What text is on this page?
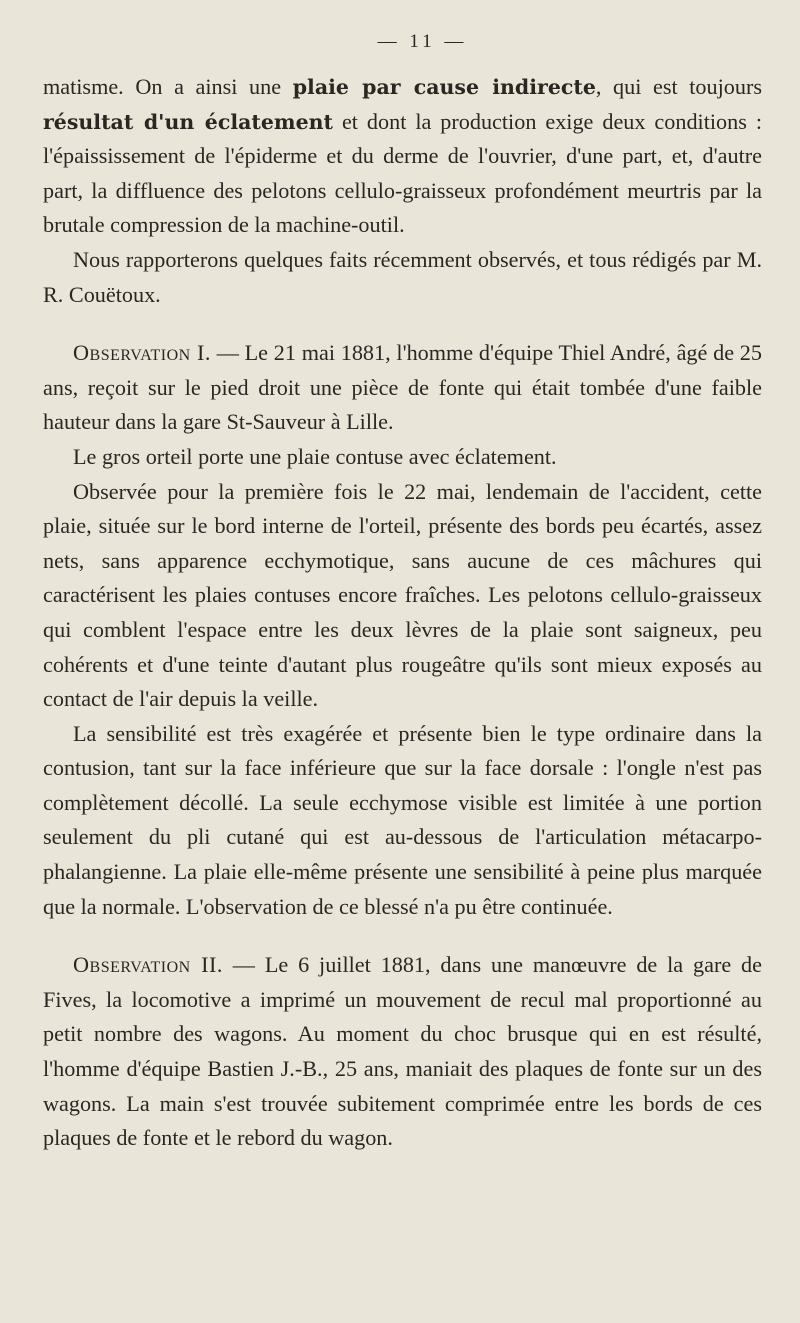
— 11 —

matisme. On a ainsi une plaie par cause indirecte, qui est toujours résultat d'un éclatement et dont la production exige deux conditions : l'épaississement de l'épiderme et du derme de l'ouvrier, d'une part, et, d'autre part, la diffluence des pelotons cellulo-graisseux profondément meurtris par la brutale compression de la machine-outil.

Nous rapporterons quelques faits récemment observés, et tous rédigés par M. R. Couëtoux.

Observation I. — Le 21 mai 1881, l'homme d'équipe Thiel André, âgé de 25 ans, reçoit sur le pied droit une pièce de fonte qui était tombée d'une faible hauteur dans la gare St-Sauveur à Lille.

Le gros orteil porte une plaie contuse avec éclatement.

Observée pour la première fois le 22 mai, lendemain de l'accident, cette plaie, située sur le bord interne de l'orteil, présente des bords peu écartés, assez nets, sans apparence ecchymotique, sans aucune de ces mâchures qui caractérisent les plaies contuses encore fraîches. Les pelotons cellulo-graisseux qui comblent l'espace entre les deux lèvres de la plaie sont saigneux, peu cohérents et d'une teinte d'autant plus rougeâtre qu'ils sont mieux exposés au contact de l'air depuis la veille.

La sensibilité est très exagérée et présente bien le type ordinaire dans la contusion, tant sur la face inférieure que sur la face dorsale : l'ongle n'est pas complètement décollé. La seule ecchymose visible est limitée à une portion seulement du pli cutané qui est au-dessous de l'articulation métacarpo-phalangienne. La plaie elle-même présente une sensibilité à peine plus marquée que la normale. L'observation de ce blessé n'a pu être continuée.

Observation II. — Le 6 juillet 1881, dans une manœuvre de la gare de Fives, la locomotive a imprimé un mouvement de recul mal proportionné au petit nombre des wagons. Au moment du choc brusque qui en est résulté, l'homme d'équipe Bastien J.-B., 25 ans, maniait des plaques de fonte sur un des wagons. La main s'est trouvée subitement comprimée entre les bords de ces plaques de fonte et le rebord du wagon.
